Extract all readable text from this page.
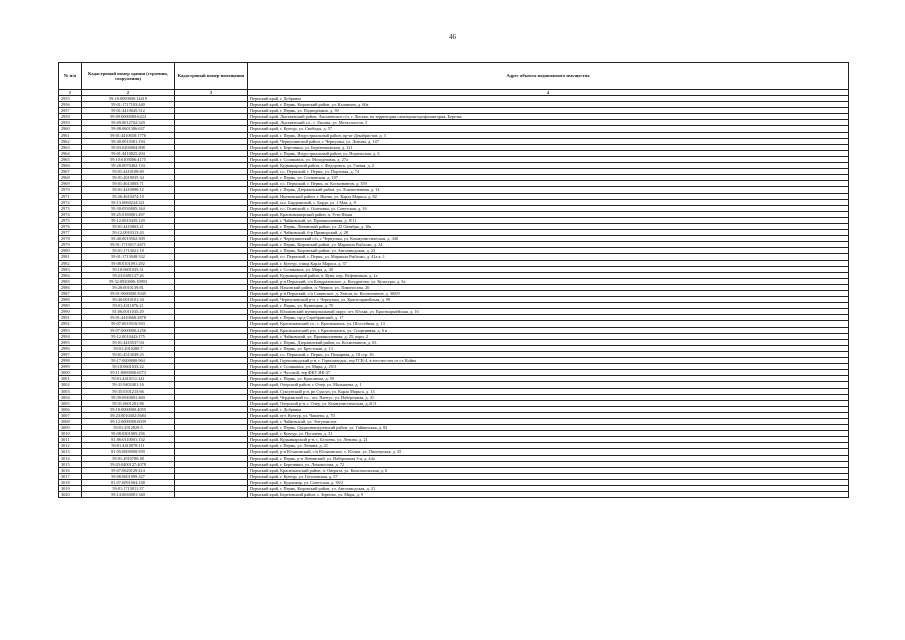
46
№ п/п	Кадастровый номер здания (строения, сооружения)	Кадастровый номер помещения	Адрес объекта недвижимого имущества
1	2	3	4
2955	59:18:0000000:14419		Пермский край, г. Добрянка
2956	59:01:1717103:440		Пермский край, г. Пермь, Кировский район, ул. Калинина, д. 60а
2957	59:01:4410045:512		Пермский край, г. Пермь, ул. Подводников, д. 39
2958	59:09:0000000:6224		Пермский край, Лысьвенский район, Лысьвенское г/п, г. Лысьва, на территории санатория-профилактория, Березка
2959	59:09:0012702:329		Пермский край, Лысьвенский г.о., г. Лысьва, ул. Металлистов, 3
2960	59:08:0601306:637		Пермский край, г. Кунгур, ул. Свободы, д. 57
2961	59:01:4410658:1776		Пермский край, г. Пермь, Индустриальный район, пр-кт Декабристов, д. 3
2962	59:40:0010301:194		Пермский край, Чернушинский район, г. Чернушка, ул. Ленина, д. 147
2963	59:03:0200004:898		Пермский край, г. Березники, ул. Березниковская, д. 121
2964	59:01:4410825:204		Пермский край, г. Пермь, Индустриальный район, ул. Норильская, д. 6
2965	59:10:0105006:4175		Пермский край, г. Соликамск, ул. Молодежная, д. 27а
2966	59:28:0070402:133		Пермский край, Кудымкарский район, с. Федоровск, ул. Гаевая, д. 2
2967	59:01:4410108:69		Пермский край, г.о. Пермский, г. Пермь, ул. Порховая, д. 74
2968	59:01:2018035:34		Пермский край, г. Пермь, ул. Сосновская, д. 107
2969	59:01:4613005:71		Пермский край, г.о. Пермский, г. Пермь, ш. Космонавтов, д. 359
2970	59:01:4410090:12		Пермский край, г. Пермь, Дзержинский район, ул. Локомотивная, д. 14
2971	59:26:4610474:19		Пермский край, Нытвенский район, г. Нытва, ул. Карла Маркса, д. 82
2972	59:13:0060234:321		Пермский край, м.о. Бардымский, с. Барда, ул. 1 Мая, д. 8
2973	59:30:0530005:344		Пермский край, г.о. Осинский, с. Осиновка, ул. Советская, д. 16
2974	59:25:0180001:497		Пермский край, Красновишерский район, п. Усть-Язьва
2975	59:12:0010435:129		Пермский край, г. Чайковский, ул. Промышленная, д. 8/11
2976	59:01:4410063:21		Пермский край, г. Пермь, Ленинский район, ул. 25 Октября, д. 18а
2977	59:12:0010313:43		Пермский край, г. Чайковский, б-р Приморский, д. 28
2978	59:40:0010502:309		Пермский край, г. Чернушинский г/п, г. Чернушка, ул. Коммунистическая, д. 34б
2979	59:01:1713017:2671		Пермский край, г. Пермь, Кировский район, ул. Маршала Рыбалко, д. 24
2980	59:01:1713021:18		Пермский край, г. Пермь, Кировский район, ул. Автозаводская, д. 23
2981	59:01:1713048:332		Пермский край, г.о. Пермский, г. Пермь, ул. Маршала Рыбалко, д. 41а к. 1
2982	59:08:0101091:292		Пермский край, г. Кунгур, улица Карла Маркса, д. 37
2983	59:10:0601035:31		Пермский край, г. Соликамск, ул. Мира, д. 30
2984	59:23:0481127:26		Пермский край, Кудымкарский район, п. Кува, пер. Нефтяников, д. 1а
2985	59:32:0920006:10893		Пермский край, р-н Пермский, с/п Кондратовское, д. Кондратово, ул. Культуры, д. 3а
2986	59:20:0010139:81		Пермский край, Ильинский район, п. Чермоз, ул. Ломоносова, 26
2987	59:01:0000000:5045		Пермский край, р-н Пермский, с/п Савинское, д. Хмели, ш. Космонавтов, д. 368/9
2988	59:40:0010101:34		Пермский край, Чернушинский р-н, г. Чернушка, ул. Красноармейская, д. 99
2989	59:01:4311876:21		Пермский край, г. Пермь, ул. Кузнецкая, д. 70
2990	81:06:0011035:29		Пермский край, Юсьвинский муниципальный округ, пгт. Юсьва, ул. Красноармейская, д. 16
2991	59:01:4410668:2878		Пермский край, г. Пермь, пр-д Серебрянский, д. 17
2992	59:07:0010516:933		Пермский край, Краснокамский г.о., г. Краснокамск, ул. Шоссейная, д. 13
2993	59:07:0000000:2256		Пермский край, Краснокамский р-н, г. Краснокамск, ул. Спортивная, д. 6 в
2994	59:12:0010443:175		Пермский край, г. Чайковский, ул. Промышленная, д. 25, корп. 2
2995	59:01:4410537:94		Пермский край, г. Пермь, Дзержинский район, ш. Космонавтов, д. 63
2996	59:01:2010280:7		Пермский край, г. Пермь, ул. Брестская, д. 13
2997	59:01:4513049:25		Пермский край, г.о. Пермский, г. Пермь, ул. Пожарная, д. 18 стр. 16
2998	59:17:0000000:964		Пермский край, Горнозаводский р-н, г. Горнозаводск, тер ГСК-4, в юго-восточ от ст. Койва
2999	59:10:0601033:22		Пермский край, г. Соликамск, ул. Мира, д. 25/3
3000	59:11:0000000:6573		Пермский край, г. Чусовой, тер ФКУ ИК-37
3001	59:01:4410111:341		Пермский край, г. Пермь, ул. Крисанова, д. 59
3002	59:31:9402401:16		Пермский край, Очерский район, г. Очер, ул. Малышева, д. 1
3003	59:35:0101215:66		Пермский край, Суксунский р-н, рп Суксун, ул. Карла Маркса, д. 13
3004	59:39:0940001:469		Пермский край, Чердынский г.о., пгт. Пантус, ул. Набережная, д. 31
3005	59:31:0601201:86		Пермский край, Очерский р-н, г. Очер, ул. Коммунистическая, д.41/3
3006	59:18:0000000:4055		Пермский край, г. Добрянка
3007	59:23:0010402:5684		Пермский край, пгт. Кунгур, ул. Чапаева, д. 70
3008	59:12:0000000:6039		Пермский край, г. Чайковский, ул. Энтузиастов
3009	59:01:2912829:5		Пермский край, г. Пермь, Орджоникидзевский район, ул. Гайвинская, д. 82
3010	59:08:0301005:256		Пермский край, г. Кунгур, ул. Пугачева, д. 31
3011	81:06:0110001:132		Пермский край, Кудымкарский р-н, с. Белоево, ул. Ленина, д. 21
3012	59:01:4410078:111		Пермский край, г. Пермь, ул. Ленина, д. 21
3013	81:05:0000000:959		Пермский край, р-н Юсьвинский, с/п Юсьвинское, с. Юсьва, ул. Пионерская, д. 35
3014	59:01:2910780:48		Пермский край, г. Пермь, р-н Ленинский, ул. Набережная 3-я, д. 44а
3015	59:03:0400127:4078		Пермский край, г. Березники, ул. Ломоносова, д. 72
3016	59:07:0620129:414		Пермский край, Краснокамский район, п. Оверята, ул. Комсомольская, д. 6
3017	59:08:0601099:327		Пермский край, г. Кунгур, ул. Гоголевская, д. 57
3018	81:07:0091004:148		Пермский край, г. Кудымкар, ул. Советская, д. 38/2
3019	59:01:1713011:37		Пермский край, г. Пермь, Кировский район, ул. Автозаводская, д. 21
3020	59:14:0630001:340		Пермский край, Березовский район, с. Зерново, ул. Мира, д. 9
